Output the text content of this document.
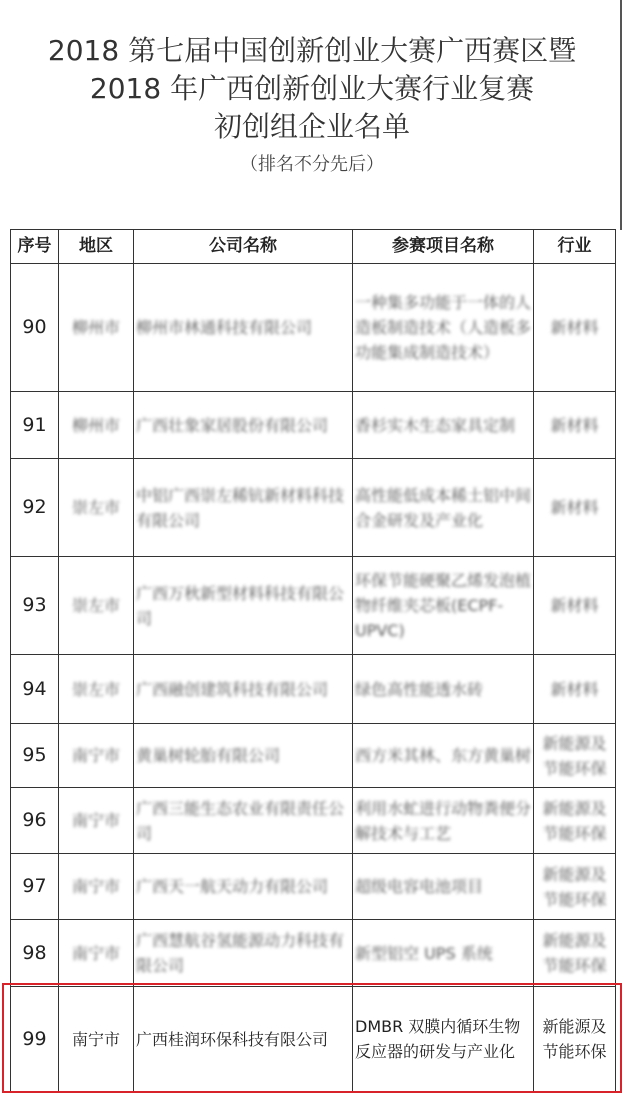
2018 第七届中国创新创业大赛广西赛区暨
2018 年广西创新创业大赛行业复赛
初创组企业名单
（排名不分先后）
序号	地区	公司名称	参赛项目名称	行业
90	柳州市	柳州市林通科技有限公司	一种集多功能于一体的人造板制造技术（人造板多功能集成制造技术）	新材料
91	柳州市	广西壮象家居股份有限公司	香杉实木生态家具定制	新材料
92	崇左市	中铝广西崇左稀钪新材料科技有限公司	高性能低成本稀土铝中间合金研发及产业化	新材料
93	崇左市	广西万秋新型材料科技有限公司	环保节能硬聚乙烯发泡植物纤维夹芯板(ECPF-UPVC)	新材料
94	崇左市	广西融创建筑科技有限公司	绿色高性能透水砖	新材料
95	南宁市	黄巢树轮胎有限公司	西方米其林、东方黄巢树	新能源及节能环保
96	南宁市	广西三能生态农业有限责任公司	利用水虻进行动物粪便分解技术与工艺	新能源及节能环保
97	南宁市	广西天一航天动力有限公司	超级电容电池项目	新能源及节能环保
98	南宁市	广西慧航谷氢能源动力科技有限公司	新型铝空 UPS 系统	新能源及节能环保
99	南宁市	广西桂润环保科技有限公司	DMBR 双膜内循环生物反应器的研发与产业化	新能源及节能环保
